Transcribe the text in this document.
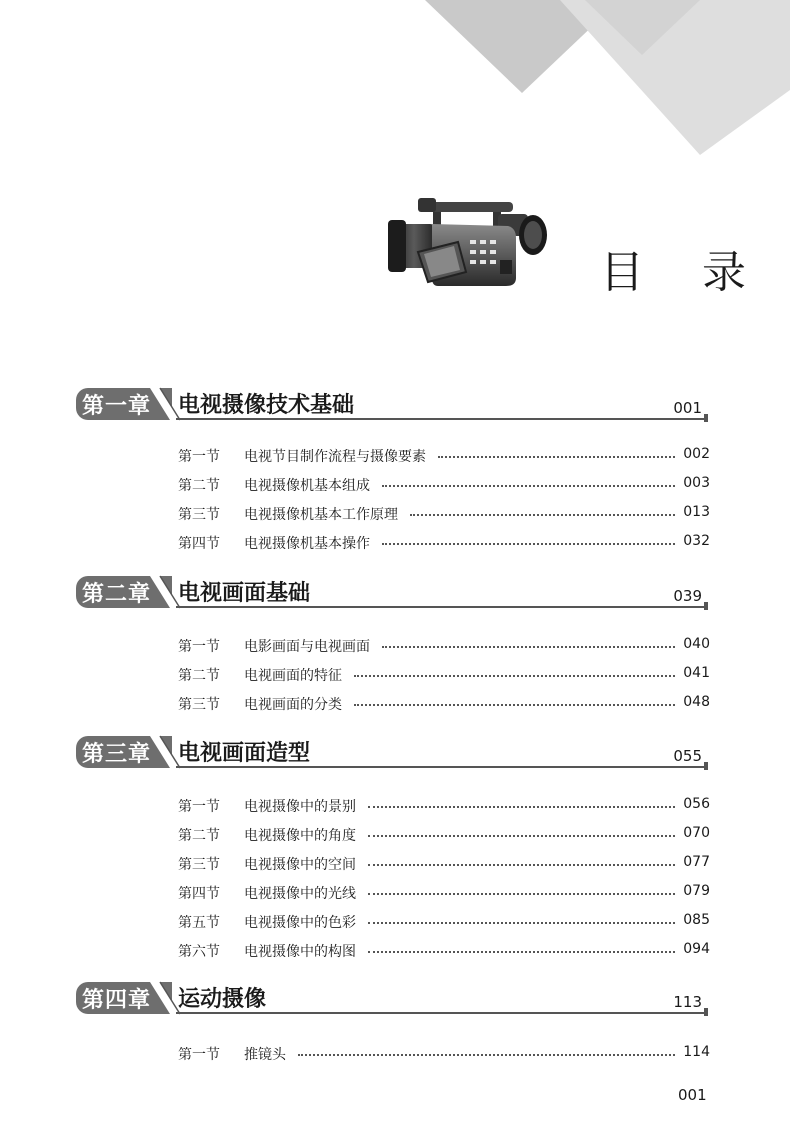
目 录
第一章 电视摄像技术基础	001
第一节 电视节目制作流程与摄像要素	002
第二节 电视摄像机基本组成	003
第三节 电视摄像机基本工作原理	013
第四节 电视摄像机基本操作	032
第二章 电视画面基础	039
第一节 电影画面与电视画面	040
第二节 电视画面的特征	041
第三节 电视画面的分类	048
第三章 电视画面造型	055
第一节 电视摄像中的景别	056
第二节 电视摄像中的角度	070
第三节 电视摄像中的空间	077
第四节 电视摄像中的光线	079
第五节 电视摄像中的色彩	085
第六节 电视摄像中的构图	094
第四章 运动摄像	113
第一节 推镜头	114
001
